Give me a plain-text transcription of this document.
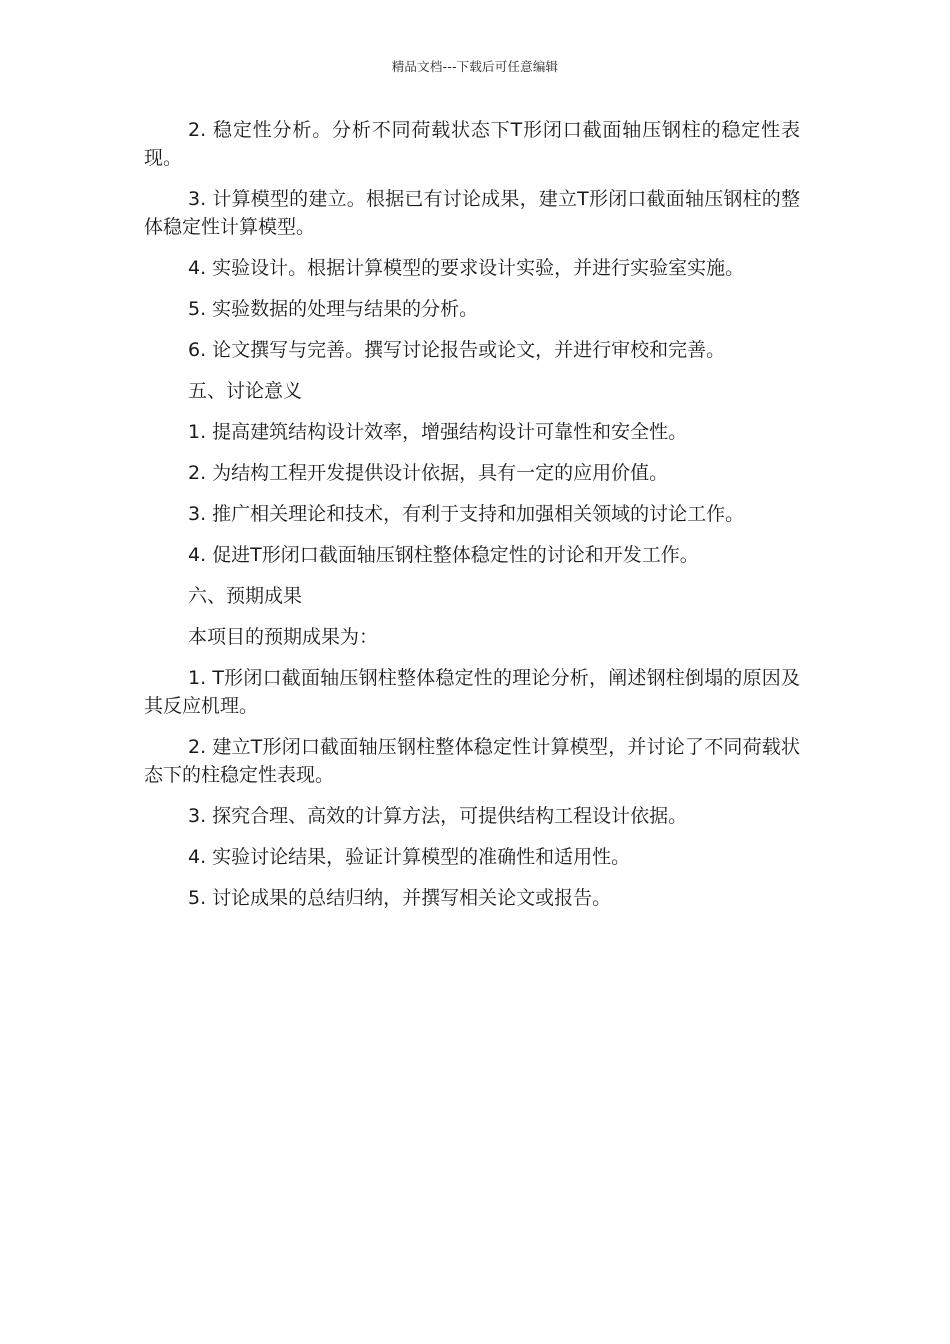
精品文档---下载后可任意编辑

2. 稳定性分析。分析不同荷载状态下T形闭口截面轴压钢柱的稳定性表现。

3. 计算模型的建立。根据已有讨论成果，建立T形闭口截面轴压钢柱的整体稳定性计算模型。

4. 实验设计。根据计算模型的要求设计实验，并进行实验室实施。

5. 实验数据的处理与结果的分析。

6. 论文撰写与完善。撰写讨论报告或论文，并进行审校和完善。

五、讨论意义

1. 提高建筑结构设计效率，增强结构设计可靠性和安全性。

2. 为结构工程开发提供设计依据，具有一定的应用价值。

3. 推广相关理论和技术，有利于支持和加强相关领域的讨论工作。

4. 促进T形闭口截面轴压钢柱整体稳定性的讨论和开发工作。

六、预期成果

本项目的预期成果为：

1. T形闭口截面轴压钢柱整体稳定性的理论分析，阐述钢柱倒塌的原因及其反应机理。

2. 建立T形闭口截面轴压钢柱整体稳定性计算模型，并讨论了不同荷载状态下的柱稳定性表现。

3. 探究合理、高效的计算方法，可提供结构工程设计依据。

4. 实验讨论结果，验证计算模型的准确性和适用性。

5. 讨论成果的总结归纳，并撰写相关论文或报告。
